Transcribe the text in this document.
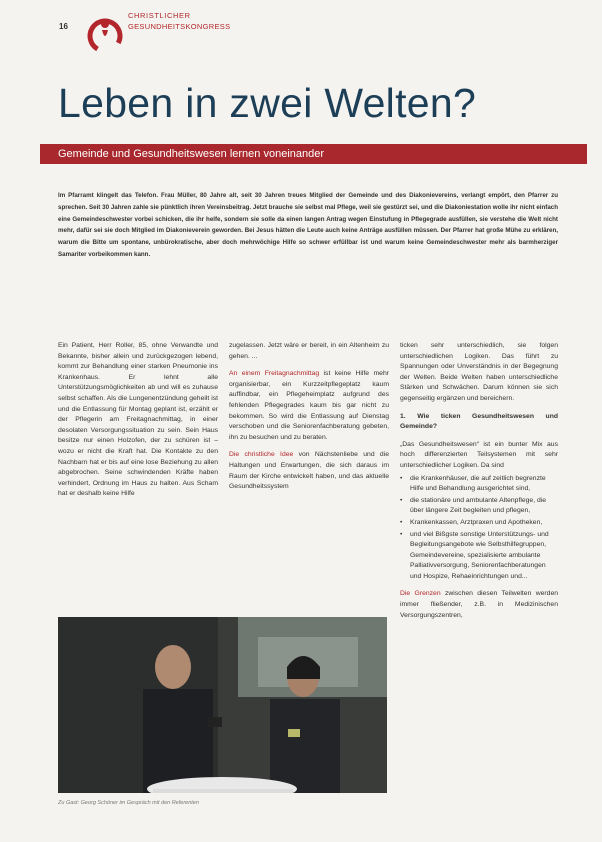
16
CHRISTLICHER
GESUNDHEITSKONGRESS
Leben in zwei Welten?
Gemeinde und Gesundheitswesen lernen voneinander
Im Pfarramt klingelt das Telefon. Frau Müller, 80 Jahre alt, seit 30 Jahren treues Mitglied der Gemeinde und des Diakonievereins, verlangt empört, den Pfarrer zu sprechen. Seit 30 Jahren zahle sie pünktlich ihren Vereinsbeitrag. Jetzt brauche sie selbst mal Pflege, weil sie gestürzt sei, und die Diakoniestation wolle ihr nicht einfach eine Gemeindeschwester vorbei schicken, die ihr helfe, sondern sie solle da einen langen Antrag wegen Einstufung in Pflegegrade ausfüllen, sie verstehe die Welt nicht mehr, dafür sei sie doch Mitglied im Diakonieverein geworden. Bei Jesus hätten die Leute auch keine Anträge ausfüllen müssen. Der Pfarrer hat große Mühe zu erklären, warum die Bitte um spontane, unbürokratische, aber doch mehrwöchige Hilfe so schwer erfüllbar ist und warum keine Gemeindeschwester mehr als barmherziger Samariter vorbeikommen kann.

Ein Patient, Herr Roller, 85, ohne Verwandte und Bekannte, bisher allein und zurückgezogen lebend, kommt zur Behandlung einer starken Pneumonie ins Krankenhaus. Er lehnt alle Unterstützungsmöglichkeiten ab und will es zuhause selbst schaffen. Als die Lungenentzündung geheilt ist und die Entlassung für Montag geplant ist, erzählt er der Pflegerin am Freitagnachmittag, in einer desolaten Versorgungssituation zu sein. Sein Haus besitze nur einen Holzofen, der zu schüren ist – wozu er nicht die Kraft hat. Die Kontakte zu den Nachbarn hat er bis auf eine lose Beziehung zu allen abgebrochen. Seine schwindenden Kräfte haben verhindert, Ordnung im Haus zu halten. Aus Scham hat er deshalb keine Hilfe

zugelassen. Jetzt wäre er bereit, in ein Altenheim zu gehen. ...

An einem Freitagnachmittag ist keine Hilfe mehr organisierbar, ein Kurzzeitpflegeplatz kaum auffindbar, ein Pflegeheimplatz aufgrund des fehlenden Pflegegrades kaum bis gar nicht zu bekommen. So wird die Entlassung auf Dienstag verschoben und die Seniorenfachberatung gebeten, ihn zu besuchen und zu beraten.

Die christliche Idee von Nächstenliebe und die Haltungen und Erwartungen, die sich daraus im Raum der Kirche entwickelt haben, und das aktuelle Gesundheitssystem

ticken sehr unterschiedlich, sie folgen unterschiedlichen Logiken. Das führt zu Spannungen oder Unverständnis in der Begegnung der Welten. Beide Welten haben unterschiedliche Stärken und Schwächen. Darum können sie sich gegenseitig ergänzen und bereichern.

1. Wie ticken Gesundheitswesen und Gemeinde?

„Das Gesundheitswesen“ ist ein bunter Mix aus hoch differenzierten Teilsystemen mit sehr unterschiedlicher Logiken. Da sind

• die Krankenhäuser, die auf zeitlich begrenzte Hilfe und Behandlung ausgerichtet sind,
• die stationäre und ambulante Altenpflege, die über längere Zeit begleiten und pflegen,
• Krankenkassen, Arztpraxen und Apotheken,
• und viel Bißgste sonstige Unterstützungs- und Begleitungsangebote wie Selbsthilfegruppen, Gemeindevereine, spezialisierte ambulante Palliativversorgung, Seniorenfachberatungen und Hospize, Rehaeinrichtungen und...

Die Grenzen zwischen diesen Teilwelten werden immer fließender, z.B. in Medizinischen Versorgungszentren,

Zu Gast: Georg Schöner im Gespräch mit den Referenten
